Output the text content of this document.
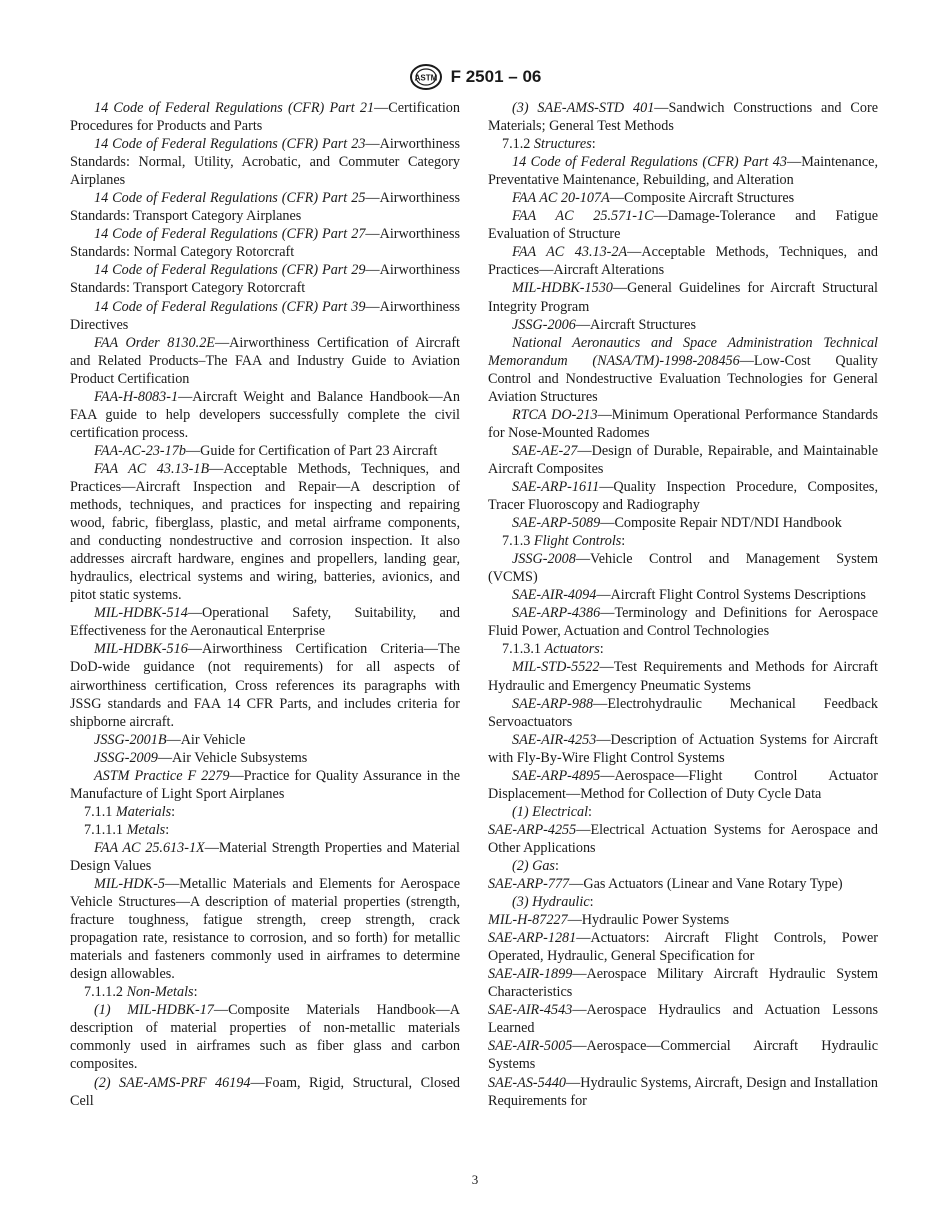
ASTM F 2501 – 06

14 Code of Federal Regulations (CFR) Part 21—Certification Procedures for Products and Parts

14 Code of Federal Regulations (CFR) Part 23—Airworthiness Standards: Normal, Utility, Acrobatic, and Commuter Category Airplanes

14 Code of Federal Regulations (CFR) Part 25—Airworthiness Standards: Transport Category Airplanes

14 Code of Federal Regulations (CFR) Part 27—Airworthiness Standards: Normal Category Rotorcraft

14 Code of Federal Regulations (CFR) Part 29—Airworthiness Standards: Transport Category Rotorcraft

14 Code of Federal Regulations (CFR) Part 39—Airworthiness Directives

FAA Order 8130.2E—Airworthiness Certification of Aircraft and Related Products–The FAA and Industry Guide to Aviation Product Certification

FAA-H-8083-1—Aircraft Weight and Balance Handbook—An FAA guide to help developers successfully complete the civil certification process.

FAA-AC-23-17b—Guide for Certification of Part 23 Aircraft

FAA AC 43.13-1B—Acceptable Methods, Techniques, and Practices—Aircraft Inspection and Repair—A description of methods, techniques, and practices for inspecting and repairing wood, fabric, fiberglass, plastic, and metal airframe components, and conducting nondestructive and corrosion inspection. It also addresses aircraft hardware, engines and propellers, landing gear, hydraulics, electrical systems and wiring, batteries, avionics, and pitot static systems.

MIL-HDBK-514—Operational Safety, Suitability, and Effectiveness for the Aeronautical Enterprise

MIL-HDBK-516—Airworthiness Certification Criteria—The DoD-wide guidance (not requirements) for all aspects of airworthiness certification, Cross references its paragraphs with JSSG standards and FAA 14 CFR Parts, and includes criteria for shipborne aircraft.

JSSG-2001B—Air Vehicle

JSSG-2009—Air Vehicle Subsystems

ASTM Practice F 2279—Practice for Quality Assurance in the Manufacture of Light Sport Airplanes

7.1.1 Materials:

7.1.1.1 Metals:

FAA AC 25.613-1X—Material Strength Properties and Material Design Values

MIL-HDK-5—Metallic Materials and Elements for Aerospace Vehicle Structures—A description of material properties (strength, fracture toughness, fatigue strength, creep strength, crack propagation rate, resistance to corrosion, and so forth) for metallic materials and fasteners commonly used in airframes to determine design allowables.

7.1.1.2 Non-Metals:

(1) MIL-HDBK-17—Composite Materials Handbook—A description of material properties of non-metallic materials commonly used in airframes such as fiber glass and carbon composites.

(2) SAE-AMS-PRF 46194—Foam, Rigid, Structural, Closed Cell

(3) SAE-AMS-STD 401—Sandwich Constructions and Core Materials; General Test Methods

7.1.2 Structures:

14 Code of Federal Regulations (CFR) Part 43—Maintenance, Preventative Maintenance, Rebuilding, and Alteration

FAA AC 20-107A—Composite Aircraft Structures

FAA AC 25.571-1C—Damage-Tolerance and Fatigue Evaluation of Structure

FAA AC 43.13-2A—Acceptable Methods, Techniques, and Practices—Aircraft Alterations

MIL-HDBK-1530—General Guidelines for Aircraft Structural Integrity Program

JSSG-2006—Aircraft Structures

National Aeronautics and Space Administration Technical Memorandum (NASA/TM)-1998-208456—Low-Cost Quality Control and Nondestructive Evaluation Technologies for General Aviation Structures

RTCA DO-213—Minimum Operational Performance Standards for Nose-Mounted Radomes

SAE-AE-27—Design of Durable, Repairable, and Maintainable Aircraft Composites

SAE-ARP-1611—Quality Inspection Procedure, Composites, Tracer Fluoroscopy and Radiography

SAE-ARP-5089—Composite Repair NDT/NDI Handbook

7.1.3 Flight Controls:

JSSG-2008—Vehicle Control and Management System (VCMS)

SAE-AIR-4094—Aircraft Flight Control Systems Descriptions

SAE-ARP-4386—Terminology and Definitions for Aerospace Fluid Power, Actuation and Control Technologies

7.1.3.1 Actuators:

MIL-STD-5522—Test Requirements and Methods for Aircraft Hydraulic and Emergency Pneumatic Systems

SAE-ARP-988—Electrohydraulic Mechanical Feedback Servoactuators

SAE-AIR-4253—Description of Actuation Systems for Aircraft with Fly-By-Wire Flight Control Systems

SAE-ARP-4895—Aerospace—Flight Control Actuator Displacement—Method for Collection of Duty Cycle Data

(1) Electrical:

SAE-ARP-4255—Electrical Actuation Systems for Aerospace and Other Applications

(2) Gas:

SAE-ARP-777—Gas Actuators (Linear and Vane Rotary Type)

(3) Hydraulic:

MIL-H-87227—Hydraulic Power Systems

SAE-ARP-1281—Actuators: Aircraft Flight Controls, Power Operated, Hydraulic, General Specification for

SAE-AIR-1899—Aerospace Military Aircraft Hydraulic System Characteristics

SAE-AIR-4543—Aerospace Hydraulics and Actuation Lessons Learned

SAE-AIR-5005—Aerospace—Commercial Aircraft Hydraulic Systems

SAE-AS-5440—Hydraulic Systems, Aircraft, Design and Installation Requirements for

3
